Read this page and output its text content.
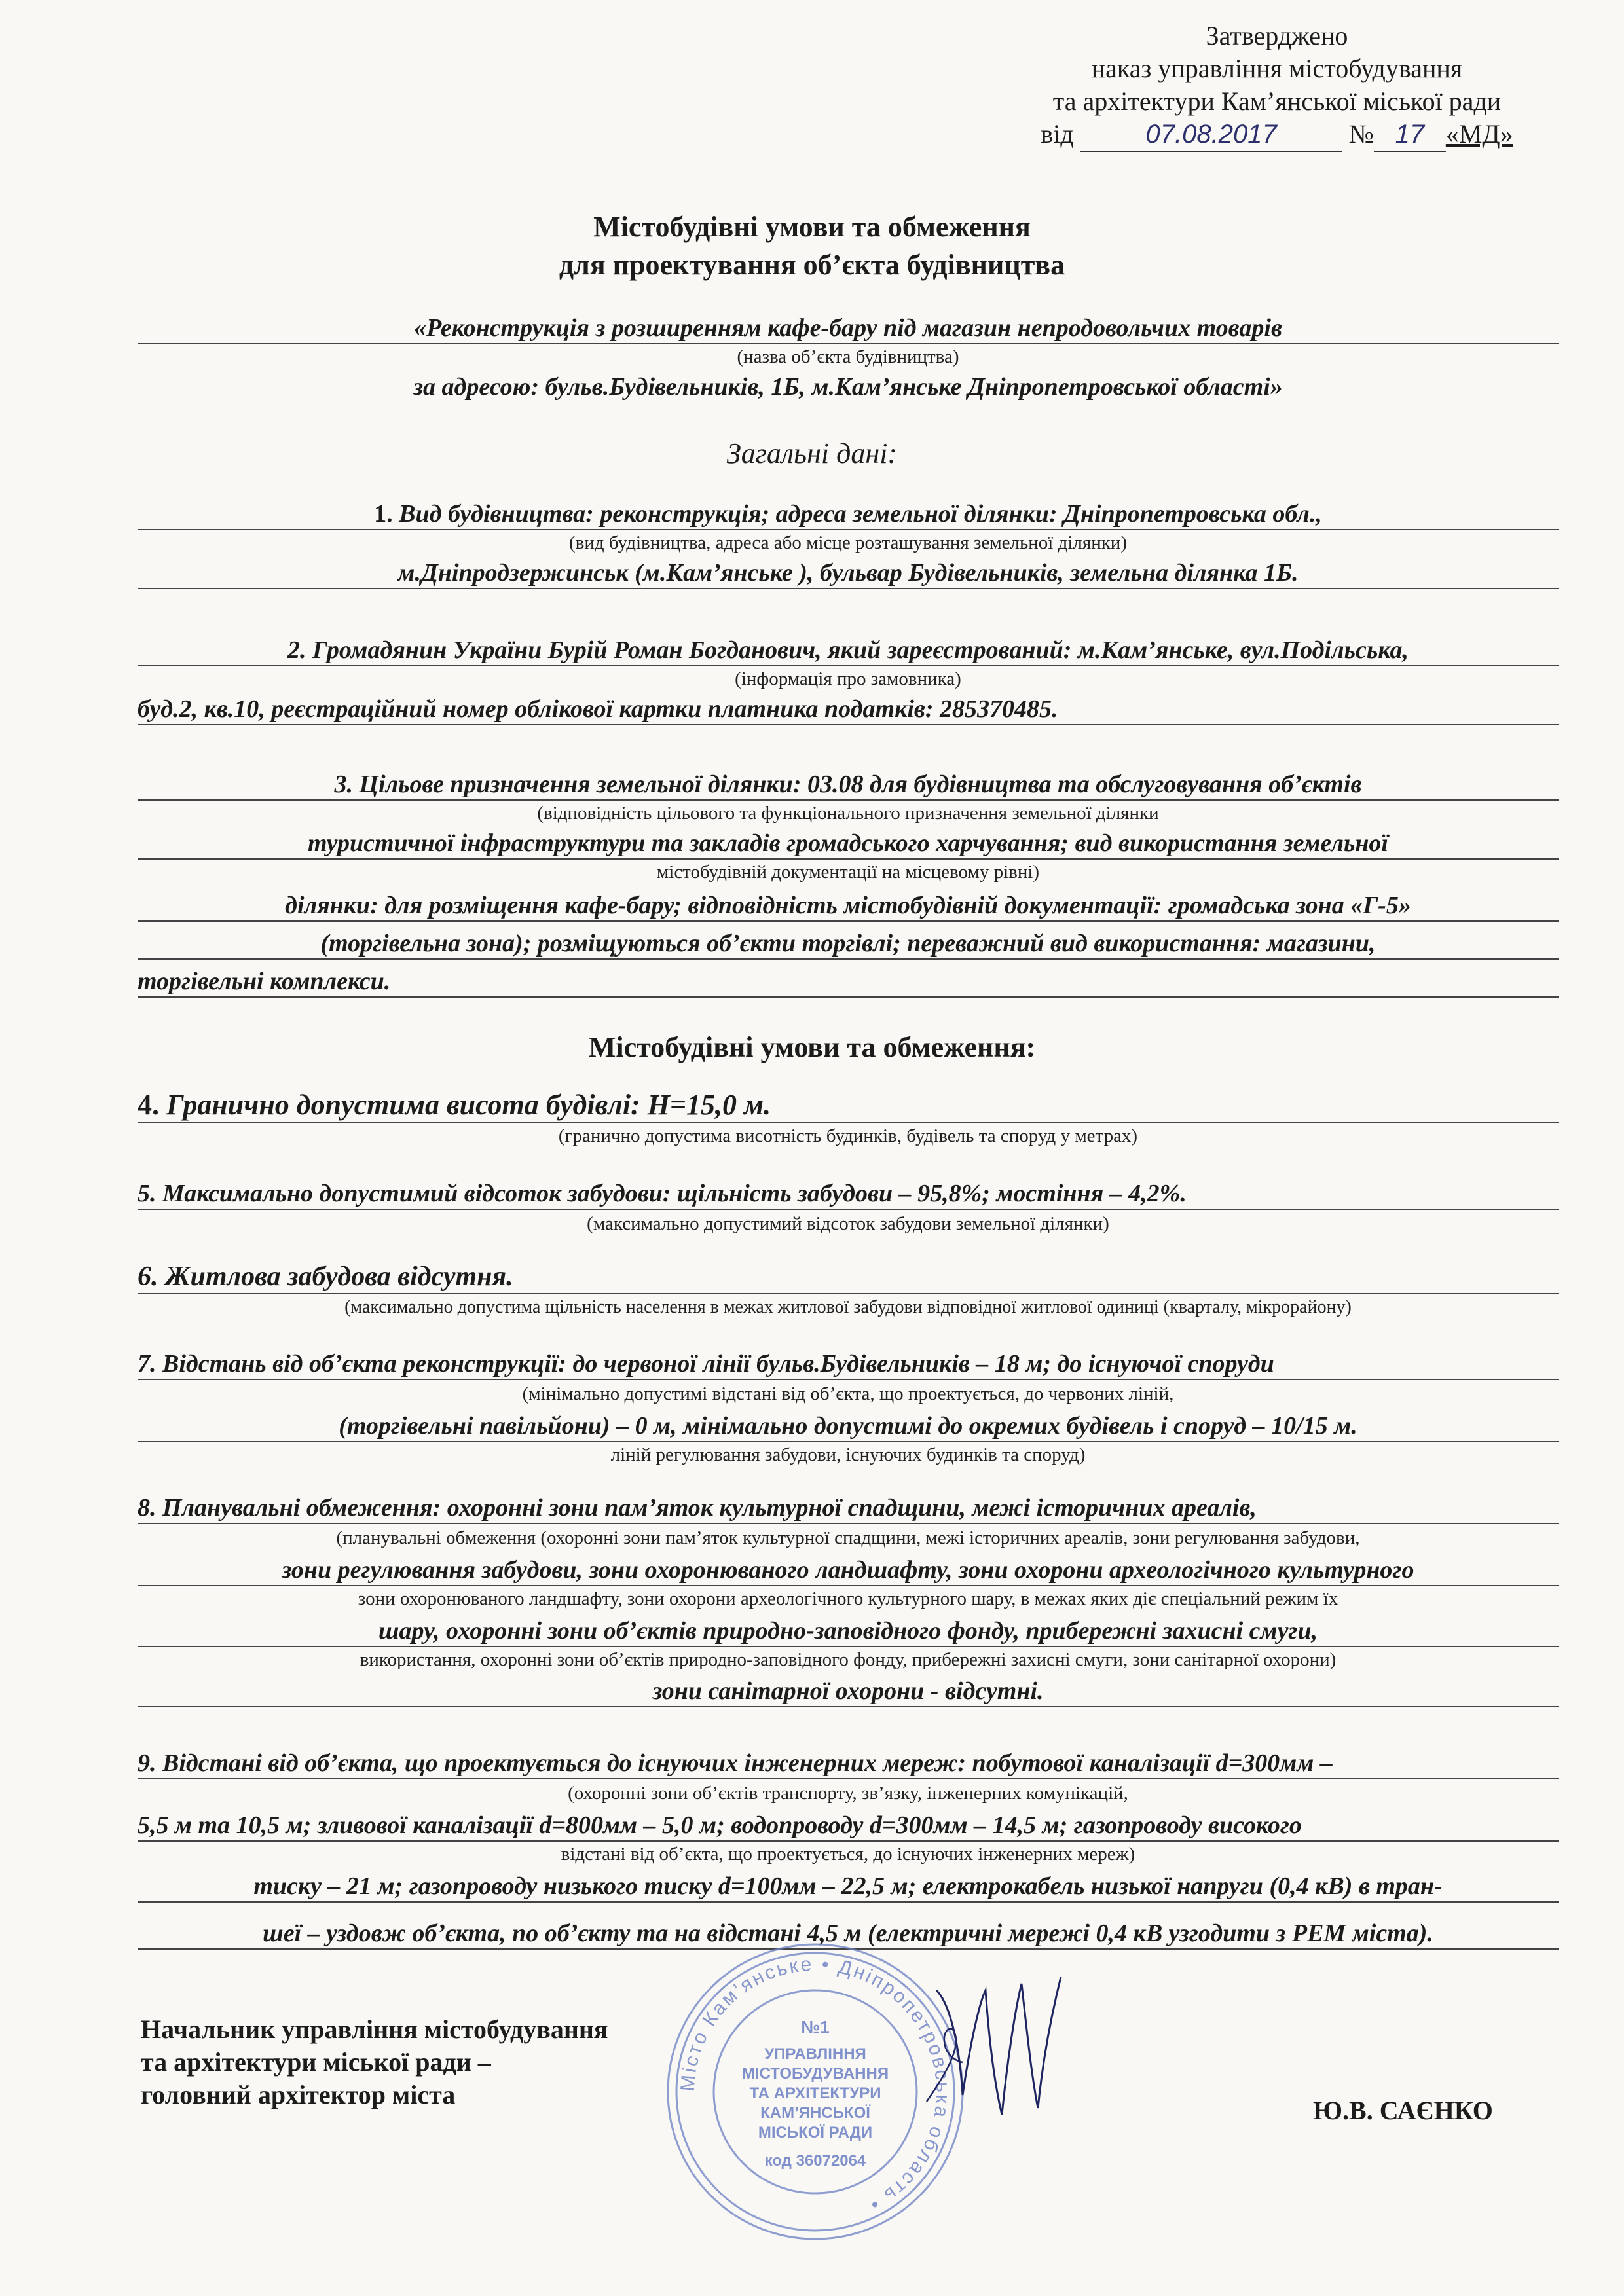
Затверджено
наказ управління містобудування
та архітектури Кам’янської міської ради
від	07.08.2017	№ 17 «МД»
Містобудівні умови та обмеження
для проектування об’єкта будівництва
«Реконструкція з розширенням кафе-бару під магазин непродовольчих товарів
(назва об’єкта будівництва)
за адресою: бульв.Будівельників, 1Б, м.Кам’янське Дніпропетровської області»
Загальні дані:
1. Вид будівництва: реконструкція; адреса земельної ділянки: Дніпропетровська обл.,
(вид будівництва, адреса або місце розташування земельної ділянки)
м.Дніпродзержинськ (м.Кам’янське ), бульвар Будівельників, земельна ділянка 1Б.
2. Громадянин України Бурій Роман Богданович, який зареєстрований: м.Кам’янське, вул.Подільська,
(інформація про замовника)
буд.2, кв.10, реєстраційний номер облікової картки платника податків: 285370485.
3. Цільове призначення земельної ділянки: 03.08 для будівництва та обслуговування об’єктів
(відповідність цільового та функціонального призначення земельної ділянки
туристичної інфраструктури та закладів громадського харчування; вид використання земельної
містобудівній документації на місцевому рівні)
ділянки: для розміщення кафе-бару; відповідність містобудівній документації: громадська зона «Г-5»
(торгівельна зона); розміщуються об’єкти торгівлі; переважний вид використання: магазини,
торгівельні комплекси.
Містобудівні умови та обмеження:
4. Гранично допустима висота будівлі: Н=15,0 м.
(гранично допустима висотність будинків, будівель та споруд у метрах)
5. Максимально допустимий відсоток забудови: щільність забудови – 95,8%; мостіння – 4,2%.
(максимально допустимий відсоток забудови земельної ділянки)
6. Житлова забудова відсутня.
(максимально допустима щільність населення в межах житлової забудови відповідної житлової одиниці (кварталу, мікрорайону)
7. Відстань від об’єкта реконструкції: до червоної лінії бульв.Будівельників – 18 м; до існуючої споруди
(мінімально допустимі відстані від об’єкта, що проектується, до червоних ліній,
(торгівельні павільйони) – 0 м, мінімально допустимі до окремих будівель і споруд – 10/15 м.
ліній регулювання забудови, існуючих будинків та споруд)
8. Планувальні обмеження: охоронні зони пам’яток культурної спадщини, межі історичних ареалів,
(планувальні обмеження (охоронні зони пам’яток культурної спадщини, межі історичних ареалів, зони регулювання забудови,
зони регулювання забудови, зони охоронюваного ландшафту, зони охорони археологічного культурного
зони охоронюваного ландшафту, зони охорони археологічного культурного шару, в межах яких діє спеціальний режим їх
шару, охоронні зони об’єктів природно-заповідного фонду, прибережні захисні смуги,
використання, охоронні зони об’єктів природно-заповідного фонду, прибережні захисні смуги, зони санітарної охорони)
зони санітарної охорони - відсутні.
9. Відстані від об’єкта, що проектується до існуючих інженерних мереж: побутової каналізації d=300мм –
(охоронні зони об’єктів транспорту, зв’язку, інженерних комунікацій,
5,5 м та 10,5 м; зливової каналізації d=800мм – 5,0 м; водопроводу d=300мм – 14,5 м; газопроводу високого
відстані від об’єкта, що проектується, до існуючих інженерних мереж)
тиску – 21 м; газопроводу низького тиску d=100мм – 22,5 м; електрокабель низької напруги (0,4 кВ) в тран-
шеї – уздовж об’єкта, по об’єкту та на відстані 4,5 м (електричні мережі 0,4 кВ узгодити з РЕМ міста).
Місто Кам’янське • Дніпропетровська область •
№1
УПРАВЛІННЯ
МІСТОБУДУВАННЯ
ТА АРХІТЕКТУРИ
КАМ’ЯНСЬКОЇ
МІСЬКОЇ РАДИ
код 36072064
Начальник управління містобудування
та архітектури міської ради –
головний архітектор міста
Ю.В. САЄНКО
